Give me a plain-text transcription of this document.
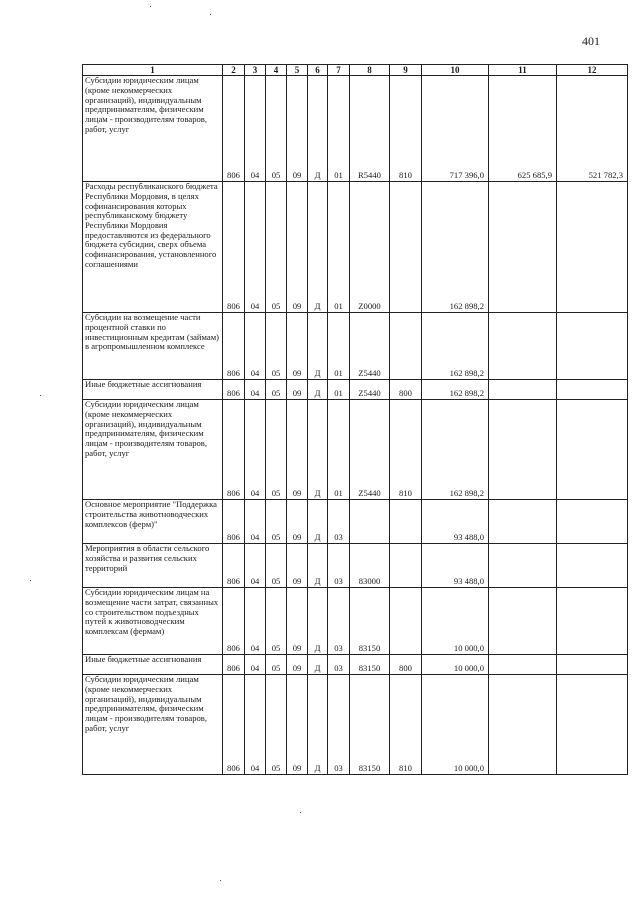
401
1	2	3	4	5	6	7	8	9	10	11	12
Субсидии юридическим лицам (кроме некоммерческих организаций), индивидуальным предпринимателям, физическим лицам - производителям товаров, работ, услуг	806	04	05	09	Д	01	R5440	810	717 396,0	625 685,9	521 782,3
Расходы республиканского бюджета Республики Мордовия, в целях софинансирования которых республиканскому бюджету Республики Мордовия предоставляются из федерального бюджета субсидии, сверх объема софинансирования, установленного соглашениями	806	04	05	09	Д	01	Z0000		162 898,2		
Субсидии на возмещение части процентной ставки по инвестиционным кредитам (займам) в агропромышленном комплексе	806	04	05	09	Д	01	Z5440		162 898,2		
Иные бюджетные ассигнования	806	04	05	09	Д	01	Z5440	800	162 898,2		
Субсидии юридическим лицам (кроме некоммерческих организаций), индивидуальным предпринимателям, физическим лицам - производителям товаров, работ, услуг	806	04	05	09	Д	01	Z5440	810	162 898,2		
Основное мероприятие "Поддержка строительства животноводческих комплексов (ферм)"	806	04	05	09	Д	03			93 488,0		
Мероприятия в области сельского хозяйства и развития сельских территорий	806	04	05	09	Д	03	83000		93 488,0		
Субсидии юридическим лицам на возмещение части затрат, связанных со строительством подъездных путей к животноводческим комплексам (фермам)	806	04	05	09	Д	03	83150		10 000,0		
Иные бюджетные ассигнования	806	04	05	09	Д	03	83150	800	10 000,0		
Субсидии юридическим лицам (кроме некоммерческих организаций), индивидуальным предпринимателям, физическим лицам - производителям товаров, работ, услуг	806	04	05	09	Д	03	83150	810	10 000,0		
